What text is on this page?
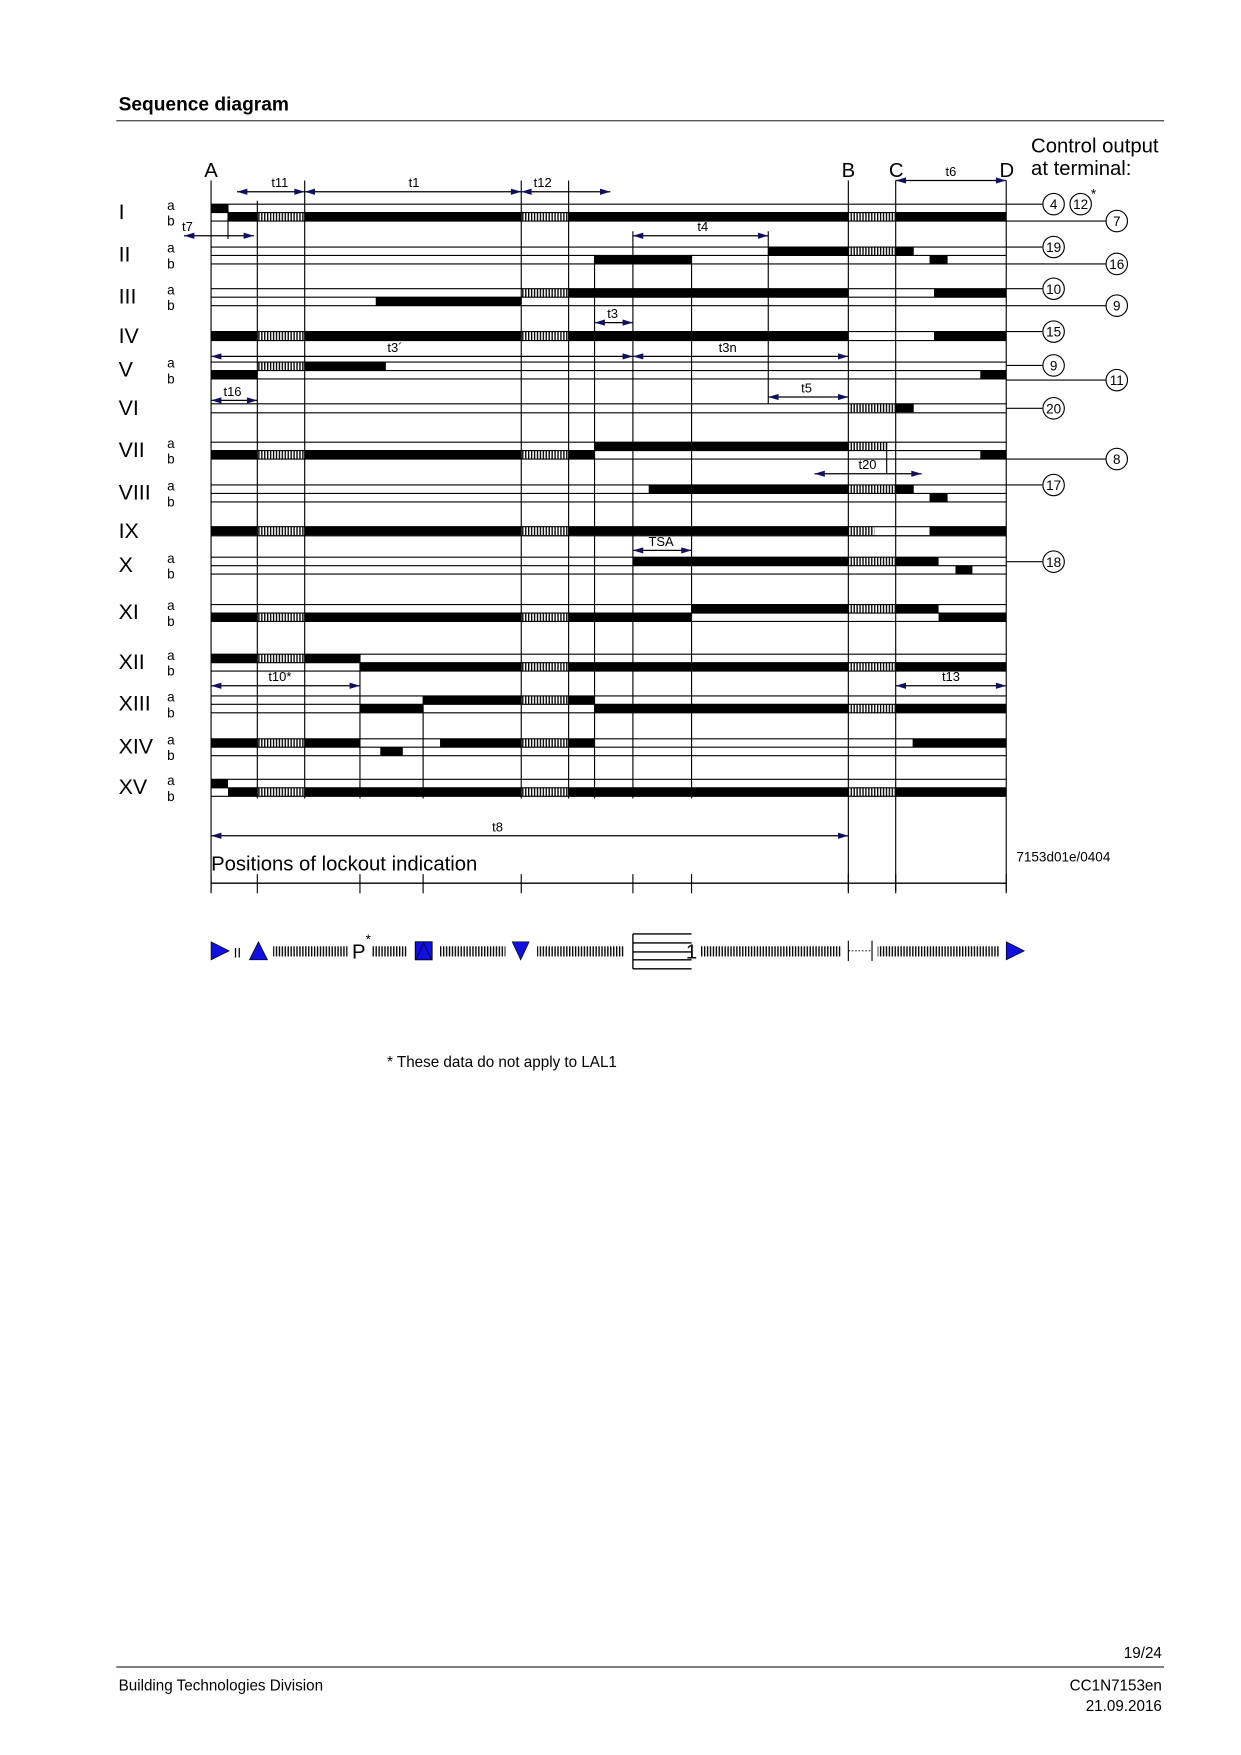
Sequence diagram
A	B C	D
Control output
at terminal:
I	a
b
II	a
b
III	a
b
IV
V	a
b
VI
VII a
b
VIII a
b
IX
X	a
b
XI a
b
XII a
b
XIII a
b
XIV a
b
XV a
b
4 12
7
19
16
10
9
15
9
11
20
8
17
18
*
t11	t1	t12
t6
t7	t4
t3
t3´	t3n
t16	t5
t20
TSA
t10*	t13
t8
Positions of lockout indication	7153d01e/0404
II	P
*
1
* These data do not apply to LAL1
19/24
Building Technologies Division	CC1N7153en
21.09.2016
